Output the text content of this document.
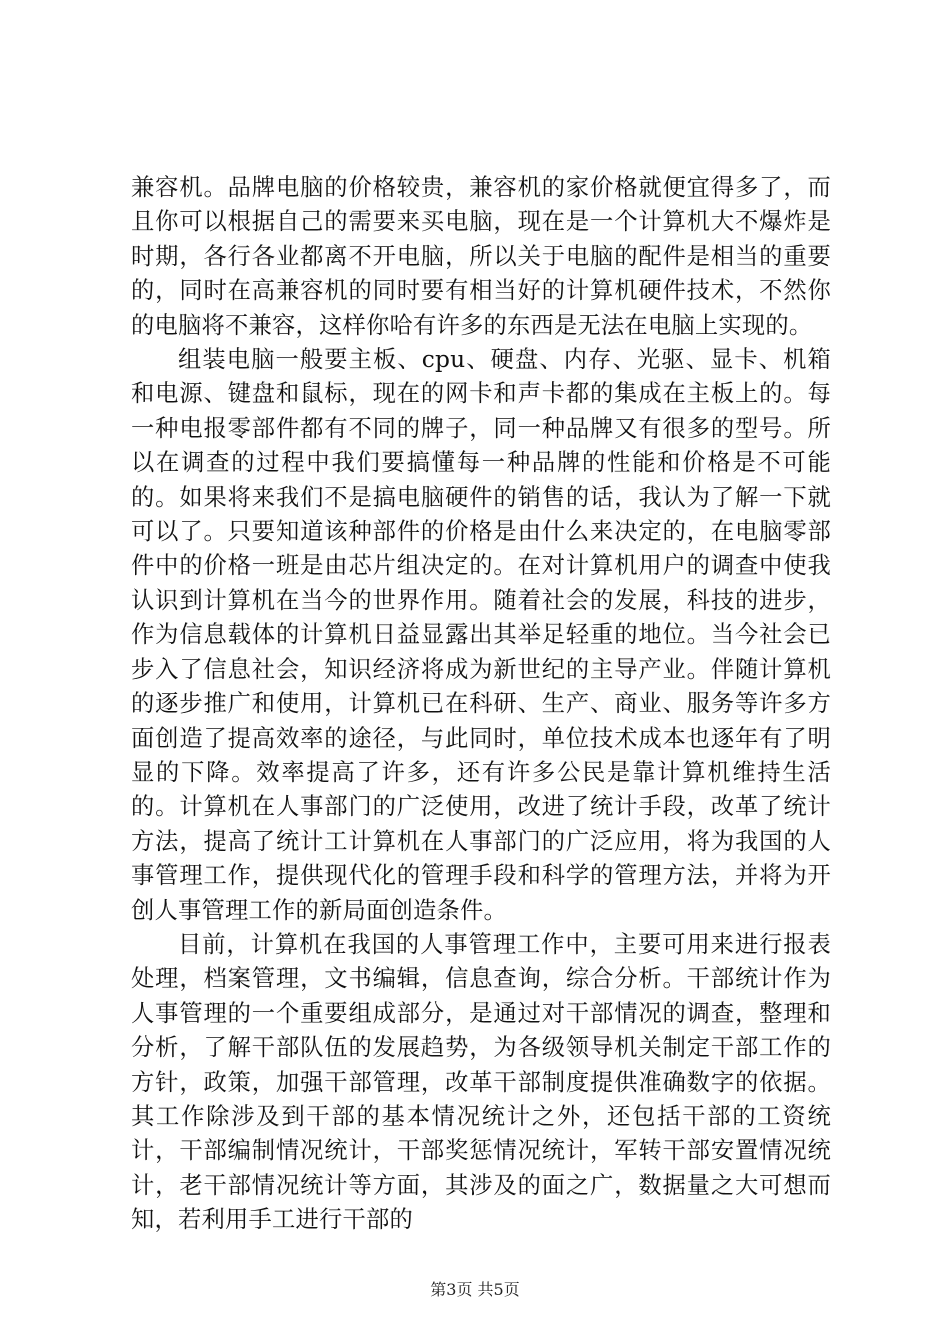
兼容机。品牌电脑的价格较贵，兼容机的家价格就便宜得多了，而且你可以根据自己的需要来买电脑，现在是一个计算机大不爆炸是时期，各行各业都离不开电脑，所以关于电脑的配件是相当的重要的，同时在高兼容机的同时要有相当好的计算机硬件技术，不然你的电脑将不兼容，这样你哈有许多的东西是无法在电脑上实现的。

组装电脑一般要主板、cpu、硬盘、内存、光驱、显卡、机箱和电源、键盘和鼠标，现在的网卡和声卡都的集成在主板上的。每一种电报零部件都有不同的牌子，同一种品牌又有很多的型号。所以在调查的过程中我们要搞懂每一种品牌的性能和价格是不可能的。如果将来我们不是搞电脑硬件的销售的话，我认为了解一下就可以了。只要知道该种部件的价格是由什么来决定的，在电脑零部件中的价格一班是由芯片组决定的。在对计算机用户的调查中使我认识到计算机在当今的世界作用。随着社会的发展，科技的进步，作为信息载体的计算机日益显露出其举足轻重的地位。当今社会已步入了信息社会，知识经济将成为新世纪的主导产业。伴随计算机的逐步推广和使用，计算机已在科研、生产、商业、服务等许多方面创造了提高效率的途径，与此同时，单位技术成本也逐年有了明显的下降。效率提高了许多，还有许多公民是靠计算机维持生活的。计算机在人事部门的广泛使用，改进了统计手段，改革了统计方法，提高了统计工计算机在人事部门的广泛应用，将为我国的人事管理工作，提供现代化的管理手段和科学的管理方法，并将为开创人事管理工作的新局面创造条件。

目前，计算机在我国的人事管理工作中，主要可用来进行报表处理，档案管理，文书编辑，信息查询，综合分析。干部统计作为人事管理的一个重要组成部分，是通过对干部情况的调查，整理和分析，了解干部队伍的发展趋势，为各级领导机关制定干部工作的方针，政策，加强干部管理，改革干部制度提供准确数字的依据。其工作除涉及到干部的基本情况统计之外，还包括干部的工资统计，干部编制情况统计，干部奖惩情况统计，军转干部安置情况统计，老干部情况统计等方面，其涉及的面之广，数据量之大可想而知，若利用手工进行干部的

第3页 共5页
